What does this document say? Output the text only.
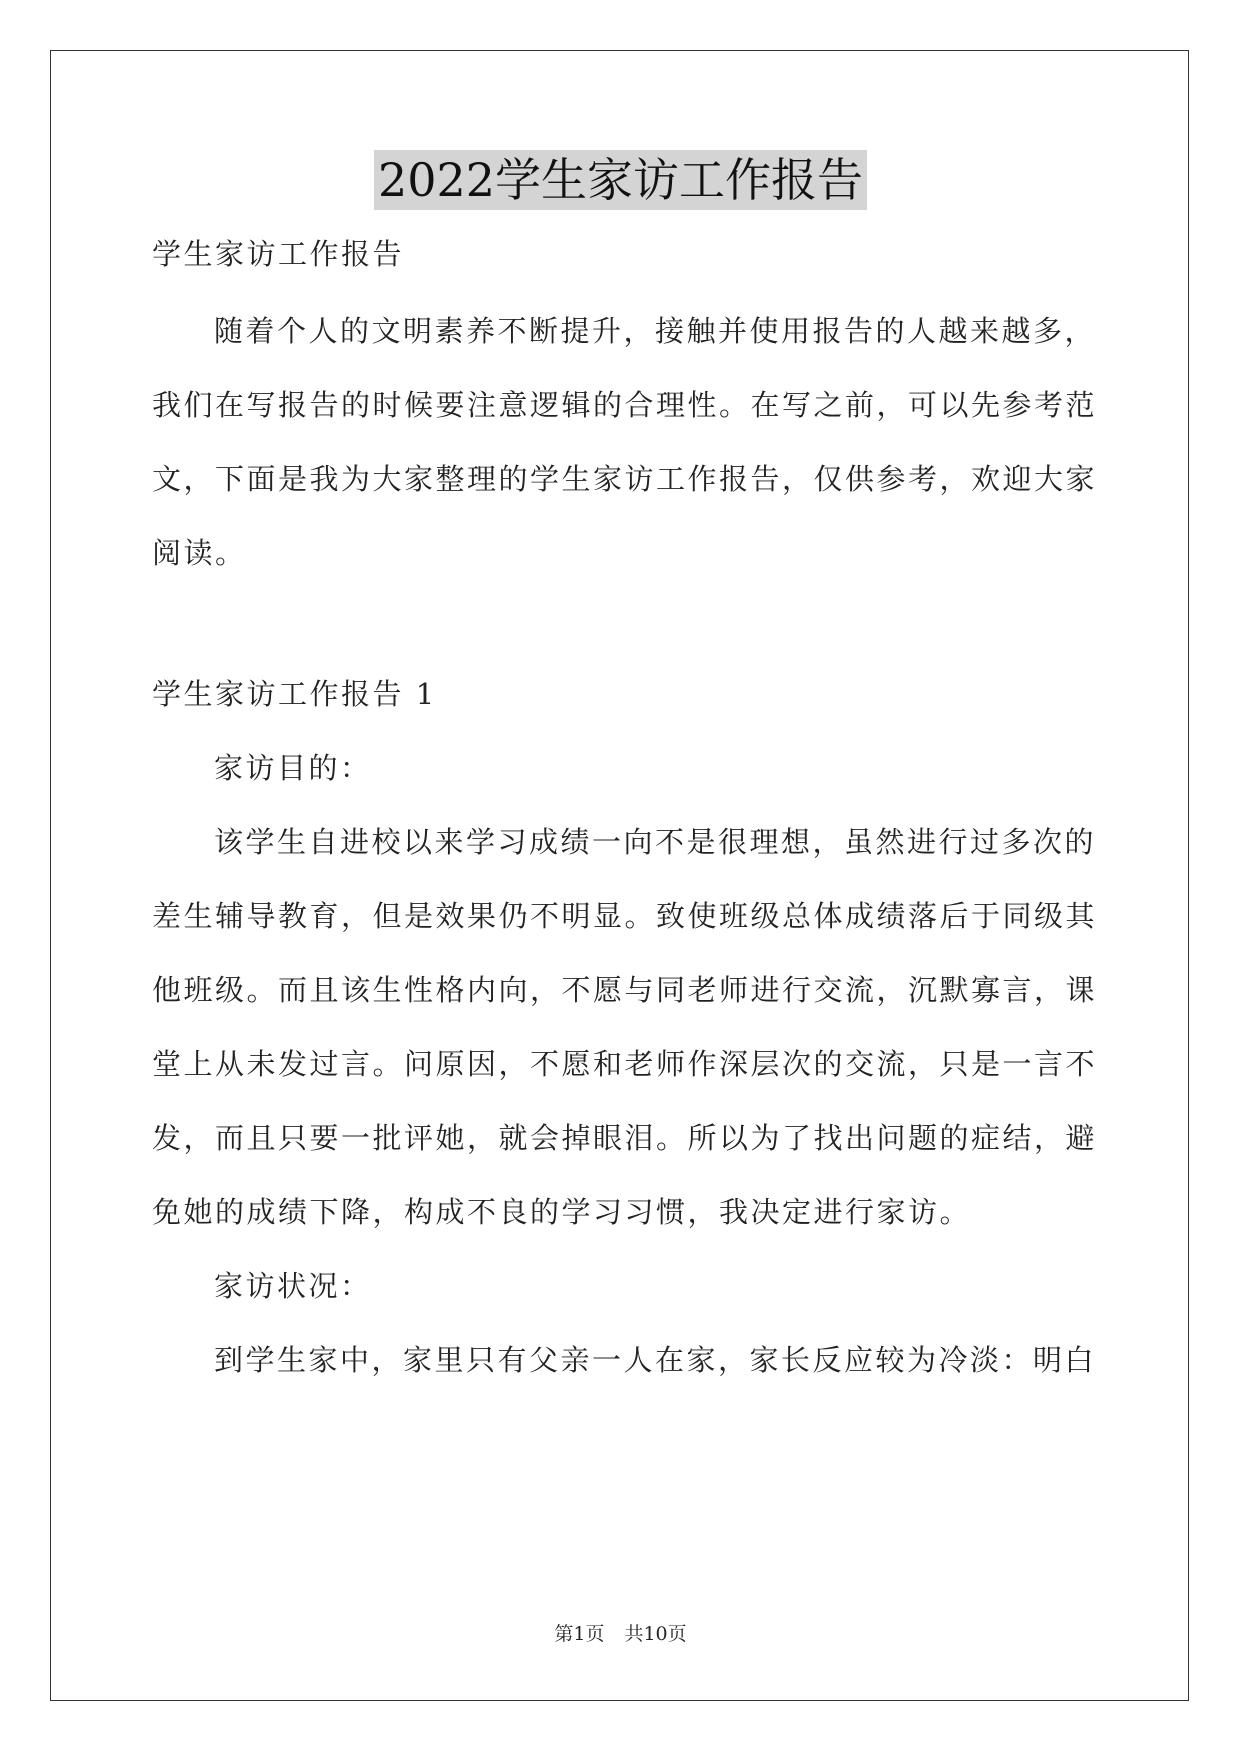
2022学生家访工作报告
学生家访工作报告
随着个人的文明素养不断提升，接触并使用报告的人越来越多，
我们在写报告的时候要注意逻辑的合理性。在写之前，可以先参考范
文，下面是我为大家整理的学生家访工作报告，仅供参考，欢迎大家
阅读。
学生家访工作报告 1
家访目的：
该学生自进校以来学习成绩一向不是很理想，虽然进行过多次的
差生辅导教育，但是效果仍不明显。致使班级总体成绩落后于同级其
他班级。而且该生性格内向，不愿与同老师进行交流，沉默寡言，课
堂上从未发过言。问原因，不愿和老师作深层次的交流，只是一言不
发，而且只要一批评她，就会掉眼泪。所以为了找出问题的症结，避
免她的成绩下降，构成不良的学习习惯，我决定进行家访。
家访状况：
到学生家中，家里只有父亲一人在家，家长反应较为冷淡：明白
第1页 共10页
